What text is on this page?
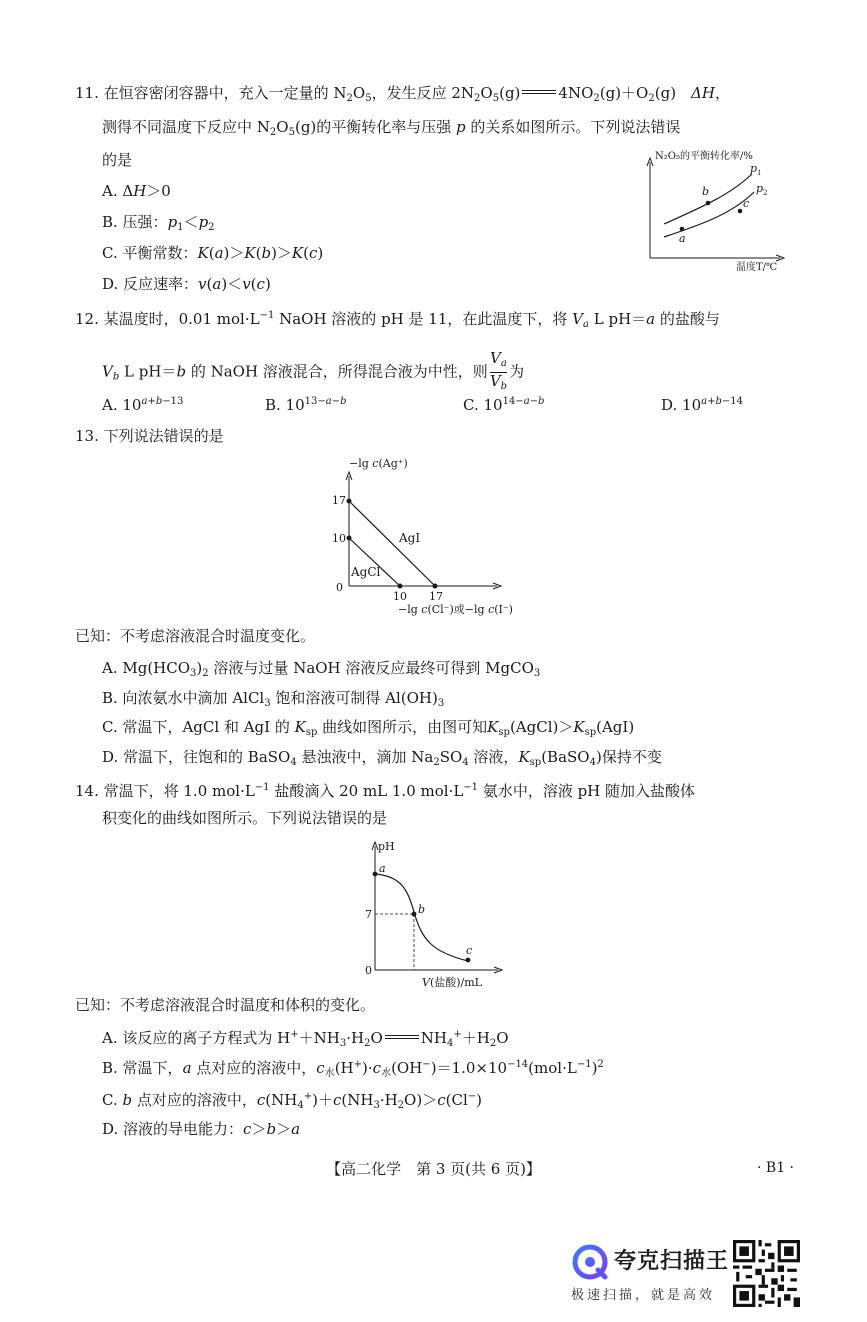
11. 在恒容密闭容器中，充入一定量的 $N_2O_5$，发生反应 $2N_2O_5(g)$	$4NO_2(g)+O_2(g)$　ΔH，
测得不同温度下反应中 $N_2O_5(g)$的平衡转化率与压强 p 的关系如图所示。下列说法错误
的是
A. ΔH＞0
B. 压强：$p_1<p_2$
C. 平衡常数：K(a)＞K(b)＞K(c)
D. 反应速率：v(a)＜v(c)
N₂O₅的平衡转化率/%
p 1
p 2
b
c
a
温度T/℃
12. 某温度时，0.01 $mol\cdot L^{-1}$ NaOH 溶液的 pH 是 11，在此温度下，将 $V_a$ L pH＝a 的盐酸与
$V_b$ L pH＝b 的 NaOH 溶液混合，所得混合液为中性，则 $\frac{V_a}{V_b}$ 为
A. $10^{a+b-13}$	B. $10^{13-a-b}$	C. $10^{14-a-b}$	D. $10^{a+b-14}$
13. 下列说法错误的是
−lg c(Ag⁺)
17
10
0
10 17
AgI
AgCl
−lg c(Cl⁻)或−lg c(I⁻)
已知：不考虑溶液混合时温度变化。
A. $Mg(HCO_3)_2$ 溶液与过量 NaOH 溶液反应最终可得到 MgCO$_3$
B. 向浓氨水中滴加 AlCl$_3$ 饱和溶液可制得 $Al(OH)_3$
C. 常温下，AgCl 和 AgI 的 $K_{sp}$ 曲线如图所示，由图可知$K_{sp}(AgCl)>K_{sp}(AgI)$
D. 常温下，往饱和的 BaSO$_4$ 悬浊液中，滴加 $Na_2SO_4$ 溶液，$K_{sp}(BaSO_4)$保持不变
14. 常温下，将 1.0 $mol\cdot L^{-1}$ 盐酸滴入 20 mL 1.0 $mol\cdot L^{-1}$ 氨水中，溶液 pH 随加入盐酸体
积变化的曲线如图所示。下列说法错误的是
pH
a
b
c
7
0
V(盐酸)/mL
已知：不考虑溶液混合时温度和体积的变化。
A. 该反应的离子方程式为 $H^++NH_3\cdot H_2O$	$NH_4^++H_2O$
B. 常温下，a 点对应的溶液中，$c_水(H^+)\cdot c_水(OH^-)=1.0\times 10^{-14}(mol\cdot L^{-1})^2$
C. b 点对应的溶液中，$c(NH_4^+)+c(NH_3\cdot H_2O)>c(Cl^-)$
D. 溶液的导电能力：c＞b＞a
【高二化学　第 3 页(共 6 页)】	· B1 ·
夸克扫描王
极速扫描，就是高效
